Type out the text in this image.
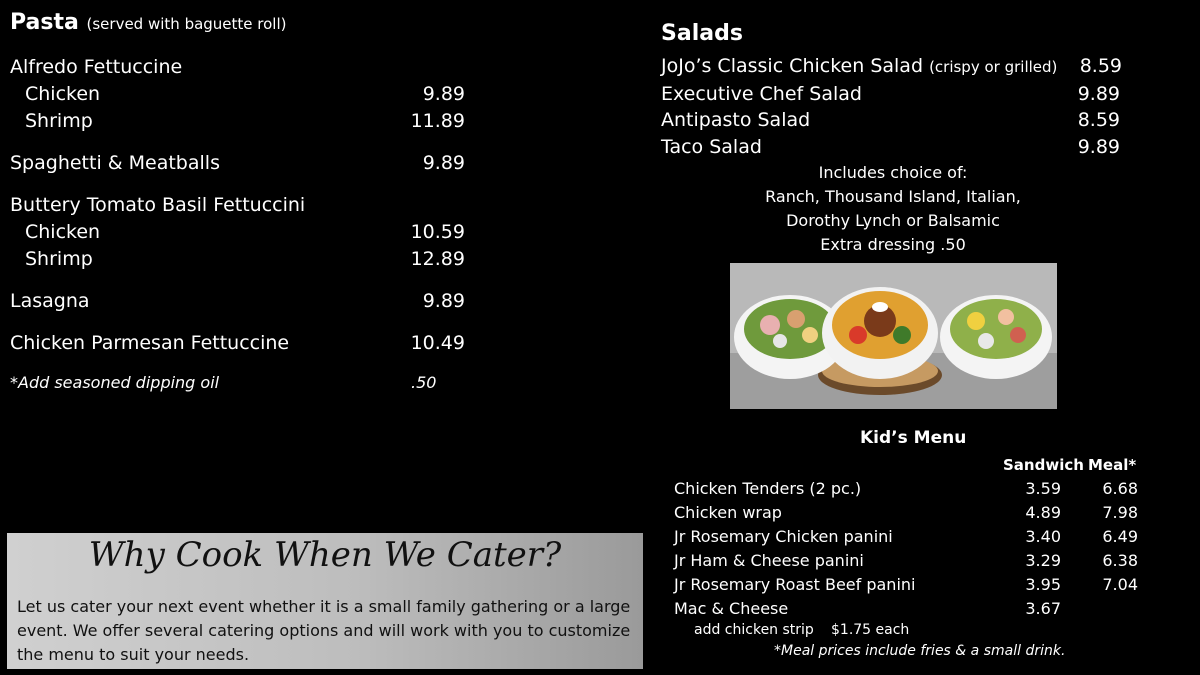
Pasta (served with baguette roll)
Alfredo Fettuccine
Chicken	9.89
Shrimp	11.89
Spaghetti & Meatballs	9.89
Buttery Tomato Basil Fettuccini
Chicken	10.59
Shrimp	12.89
Lasagna	9.89
Chicken Parmesan Fettuccine	10.49
*Add seasoned dipping oil	.50
Salads
JoJo’s Classic Chicken Salad (crispy or grilled)	8.59
Executive Chef Salad	9.89
Antipasto Salad	8.59
Taco Salad	9.89
Includes choice of:
Ranch, Thousand Island, Italian,
Dorothy Lynch or Balsamic
Extra dressing .50
Kid’s Menu
Sandwich Meal*
Chicken Tenders (2 pc.)	3.59	6.68
Chicken wrap	4.89	7.98
Jr Rosemary Chicken panini	3.40	6.49
Jr Ham & Cheese panini	3.29	6.38
Jr Rosemary Roast Beef panini	3.95	7.04
Mac & Cheese	3.67
add chicken strip $1.75 each
*Meal prices include fries & a small drink.
Why Cook When We Cater?
Let us cater your next event whether it is a small family gathering or a large event. We offer several catering options and will work with you to customize the menu to suit your needs.
